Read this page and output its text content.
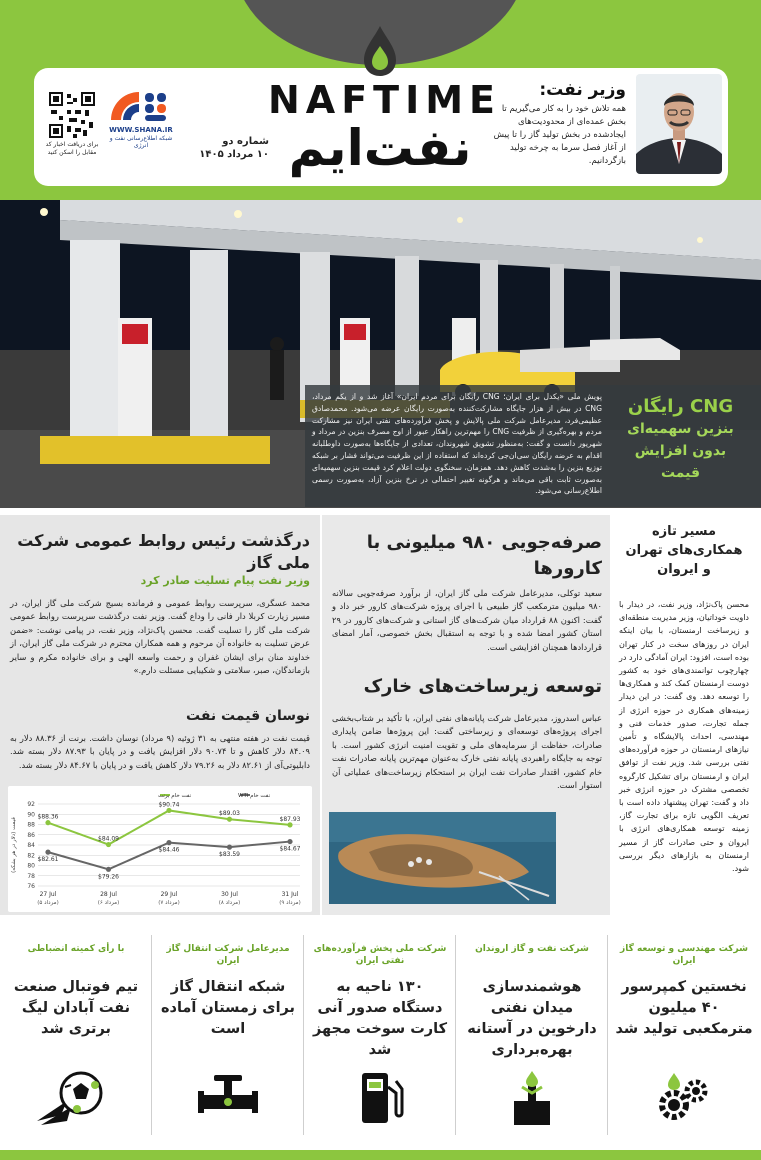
NAFTIME
نفت‌ایم
شماره دو
۱۰ مرداد ۱۴۰۵
WWW.SHANA.IR
شبکه اطلاع‌رسانی نفت و انرژی
برای دریافت اخبار کد مقابل را اسکن کنید
وزیر نفت:
همه تلاش خود را به کار می‌گیریم تا بخش عمده‌ای از محدودیت‌های ایجادشده در بخش تولید گاز را تا پیش از آغاز فصل سرما به چرخه تولید بازگردانیم.
CNG رایگان
بنزین سهمیه‌ای
بدون افزایش
قیمت
پویش ملی «یکدل برای ایران؛ CNG رایگان برای مردم ایران» آغاز شد و از یکم مرداد، CNG در بیش از هزار جایگاه مشارکت‌کننده به‌صورت رایگان عرضه می‌شود. محمدصادق عظیمی‌فرد، مدیرعامل شرکت ملی پالایش و پخش فرآورده‌های نفتی ایران نیز مشارکت مردم و بهره‌گیری از ظرفیت CNG را مهم‌ترین راهکار عبور از اوج مصرف بنزین در مرداد و شهریور دانست و گفت: به‌منظور تشویق شهروندان، تعدادی از جایگاه‌ها به‌صورت داوطلبانه اقدام به عرضه رایگان سی‌ان‌جی کرده‌اند که استفاده از این ظرفیت می‌تواند فشار بر شبکه توزیع بنزین را به‌شدت کاهش دهد. همزمان، سخنگوی دولت اعلام کرد قیمت بنزین سهمیه‌ای به‌صورت ثابت باقی می‌ماند و هرگونه تغییر احتمالی در نرخ بنزین آزاد، به‌صورت رسمی اطلاع‌رسانی می‌شود.
مسیر تازه همکاری‌های تهران و ایروان
محسن پاک‌نژاد، وزیر نفت، در دیدار با داویت خوداتیان، وزیر مدیریت منطقه‌ای و زیرساخت ارمنستان، با بیان اینکه ایران در روزهای سخت در کنار تهران بوده است، افزود: ایران آمادگی دارد در چهارچوب توانمندی‌های خود به کشور دوست ارمنستان کمک کند و همکاری‌ها را توسعه دهد. وی گفت: در این دیدار زمینه‌های همکاری در حوزه انرژی از جمله تجارت، صدور خدمات فنی و مهندسی، احداث پالایشگاه و تأمین نیازهای ارمنستان در حوزه فرآورده‌های نفتی بررسی شد. وزیر نفت از توافق ایران و ارمنستان برای تشکیل کارگروه تخصصی مشترک در حوزه انرژی خبر داد و گفت: تهران پیشنهاد داده است با تعریف الگویی تازه برای تجارت گاز، زمینه توسعه همکاری‌های انرژی با ایروان و حتی صادرات گاز از مسیر ارمنستان به بازارهای دیگر بررسی شود.
صرفه‌جویی ۹۸۰ میلیونی با کارورها
سعید توکلی، مدیرعامل شرکت ملی گاز ایران، از برآورد صرفه‌جویی سالانه ۹۸۰ میلیون مترمکعب گاز طبیعی با اجرای پروژه شرکت‌های کارور خبر داد و گفت: اکنون ۸۸ قرارداد میان شرکت‌های گاز استانی و شرکت‌های کارور در ۲۹ استان کشور امضا شده و با توجه به استقبال بخش خصوصی، آمار امضای قراردادها همچنان افزایشی است.
توسعه زیرساخت‌های خارک
عباس اسدروز، مدیرعامل شرکت پایانه‌های نفتی ایران، با تأکید بر شتاب‌بخشی اجرای پروژه‌های توسعه‌ای و زیرساختی گفت: این پروژه‌ها ضامن پایداری صادرات، حفاظت از سرمایه‌های ملی و تقویت امنیت انرژی کشور است. با توجه به جایگاه راهبردی پایانه نفتی خارک به‌عنوان مهم‌ترین پایانه صادرات نفت خام کشور، اقتدار صادرات نفت ایران بر استحکام زیرساخت‌های عملیاتی آن استوار است.
درگذشت رئیس روابط عمومی شرکت ملی گاز
وزیر نفت پیام تسلیت صادر کرد
محمد عسگری، سرپرست روابط عمومی و فرمانده بسیج شرکت ملی گاز ایران، در مسیر زیارت کربلا دار فانی را وداع گفت. وزیر نفت درگذشت سرپرست روابط عمومی شرکت ملی گاز را تسلیت گفت. محسن پاک‌نژاد، وزیر نفت، در پیامی نوشت: «ضمن عرض تسلیت به خانواده آن مرحوم و همه همکاران محترم در شرکت ملی گاز ایران، از خداوند منان برای ایشان غفران و رحمت واسعه الهی و برای خانواده مکرم و سایر بازماندگان، صبر، سلامتی و شکیبایی مسئلت دارم.»
نوسان قیمت نفت
قیمت نفت در هفته منتهی به ۳۱ ژوئیه (۹ مرداد) نوسان داشت. برنت از ۸۸.۳۶ دلار به ۸۴.۰۹ دلار کاهش و تا ۹۰.۷۴ دلار افزایش یافت و در پایان با ۸۷.۹۳ دلار بسته شد. دابلیوتی‌آی از ۸۲.۶۱ دلار به ۷۹.۲۶ دلار کاهش یافت و در پایان با ۸۴.۶۷ دلار بسته شد.
76
78
80
82
84
86
88
90
92
قیمت (دلار در هر بشکه)
27 Jul
(۵ مرداد)
28 Jul
(۶ مرداد)
29 Jul
(۷ مرداد)
30 Jul
(۸ مرداد)
31 Jul
(۹ مرداد)
$88.36
$84.09
$90.74
$89.03
$87.93
نفت خام برنت
$82.61
$79.26
$84.46
$83.59
$84.67
نفت خام WTI
شرکت مهندسی و توسعه گاز ایران
نخستین کمپرسور ۴۰ میلیون مترمکعبی تولید شد
شرکت نفت و گاز اروندان
هوشمندسازی میدان نفتی دارخوین در آستانه بهره‌برداری
شرکت ملی پخش فرآورده‌های نفتی ایران
۱۳۰ ناحیه به دستگاه صدور آنی کارت سوخت مجهز شد
مدیرعامل شرکت انتقال گاز ایران
شبکه انتقال گاز برای زمستان آماده است
با رأی کمیته انضباطی
تیم فوتبال صنعت نفت آبادان لیگ برتری شد
